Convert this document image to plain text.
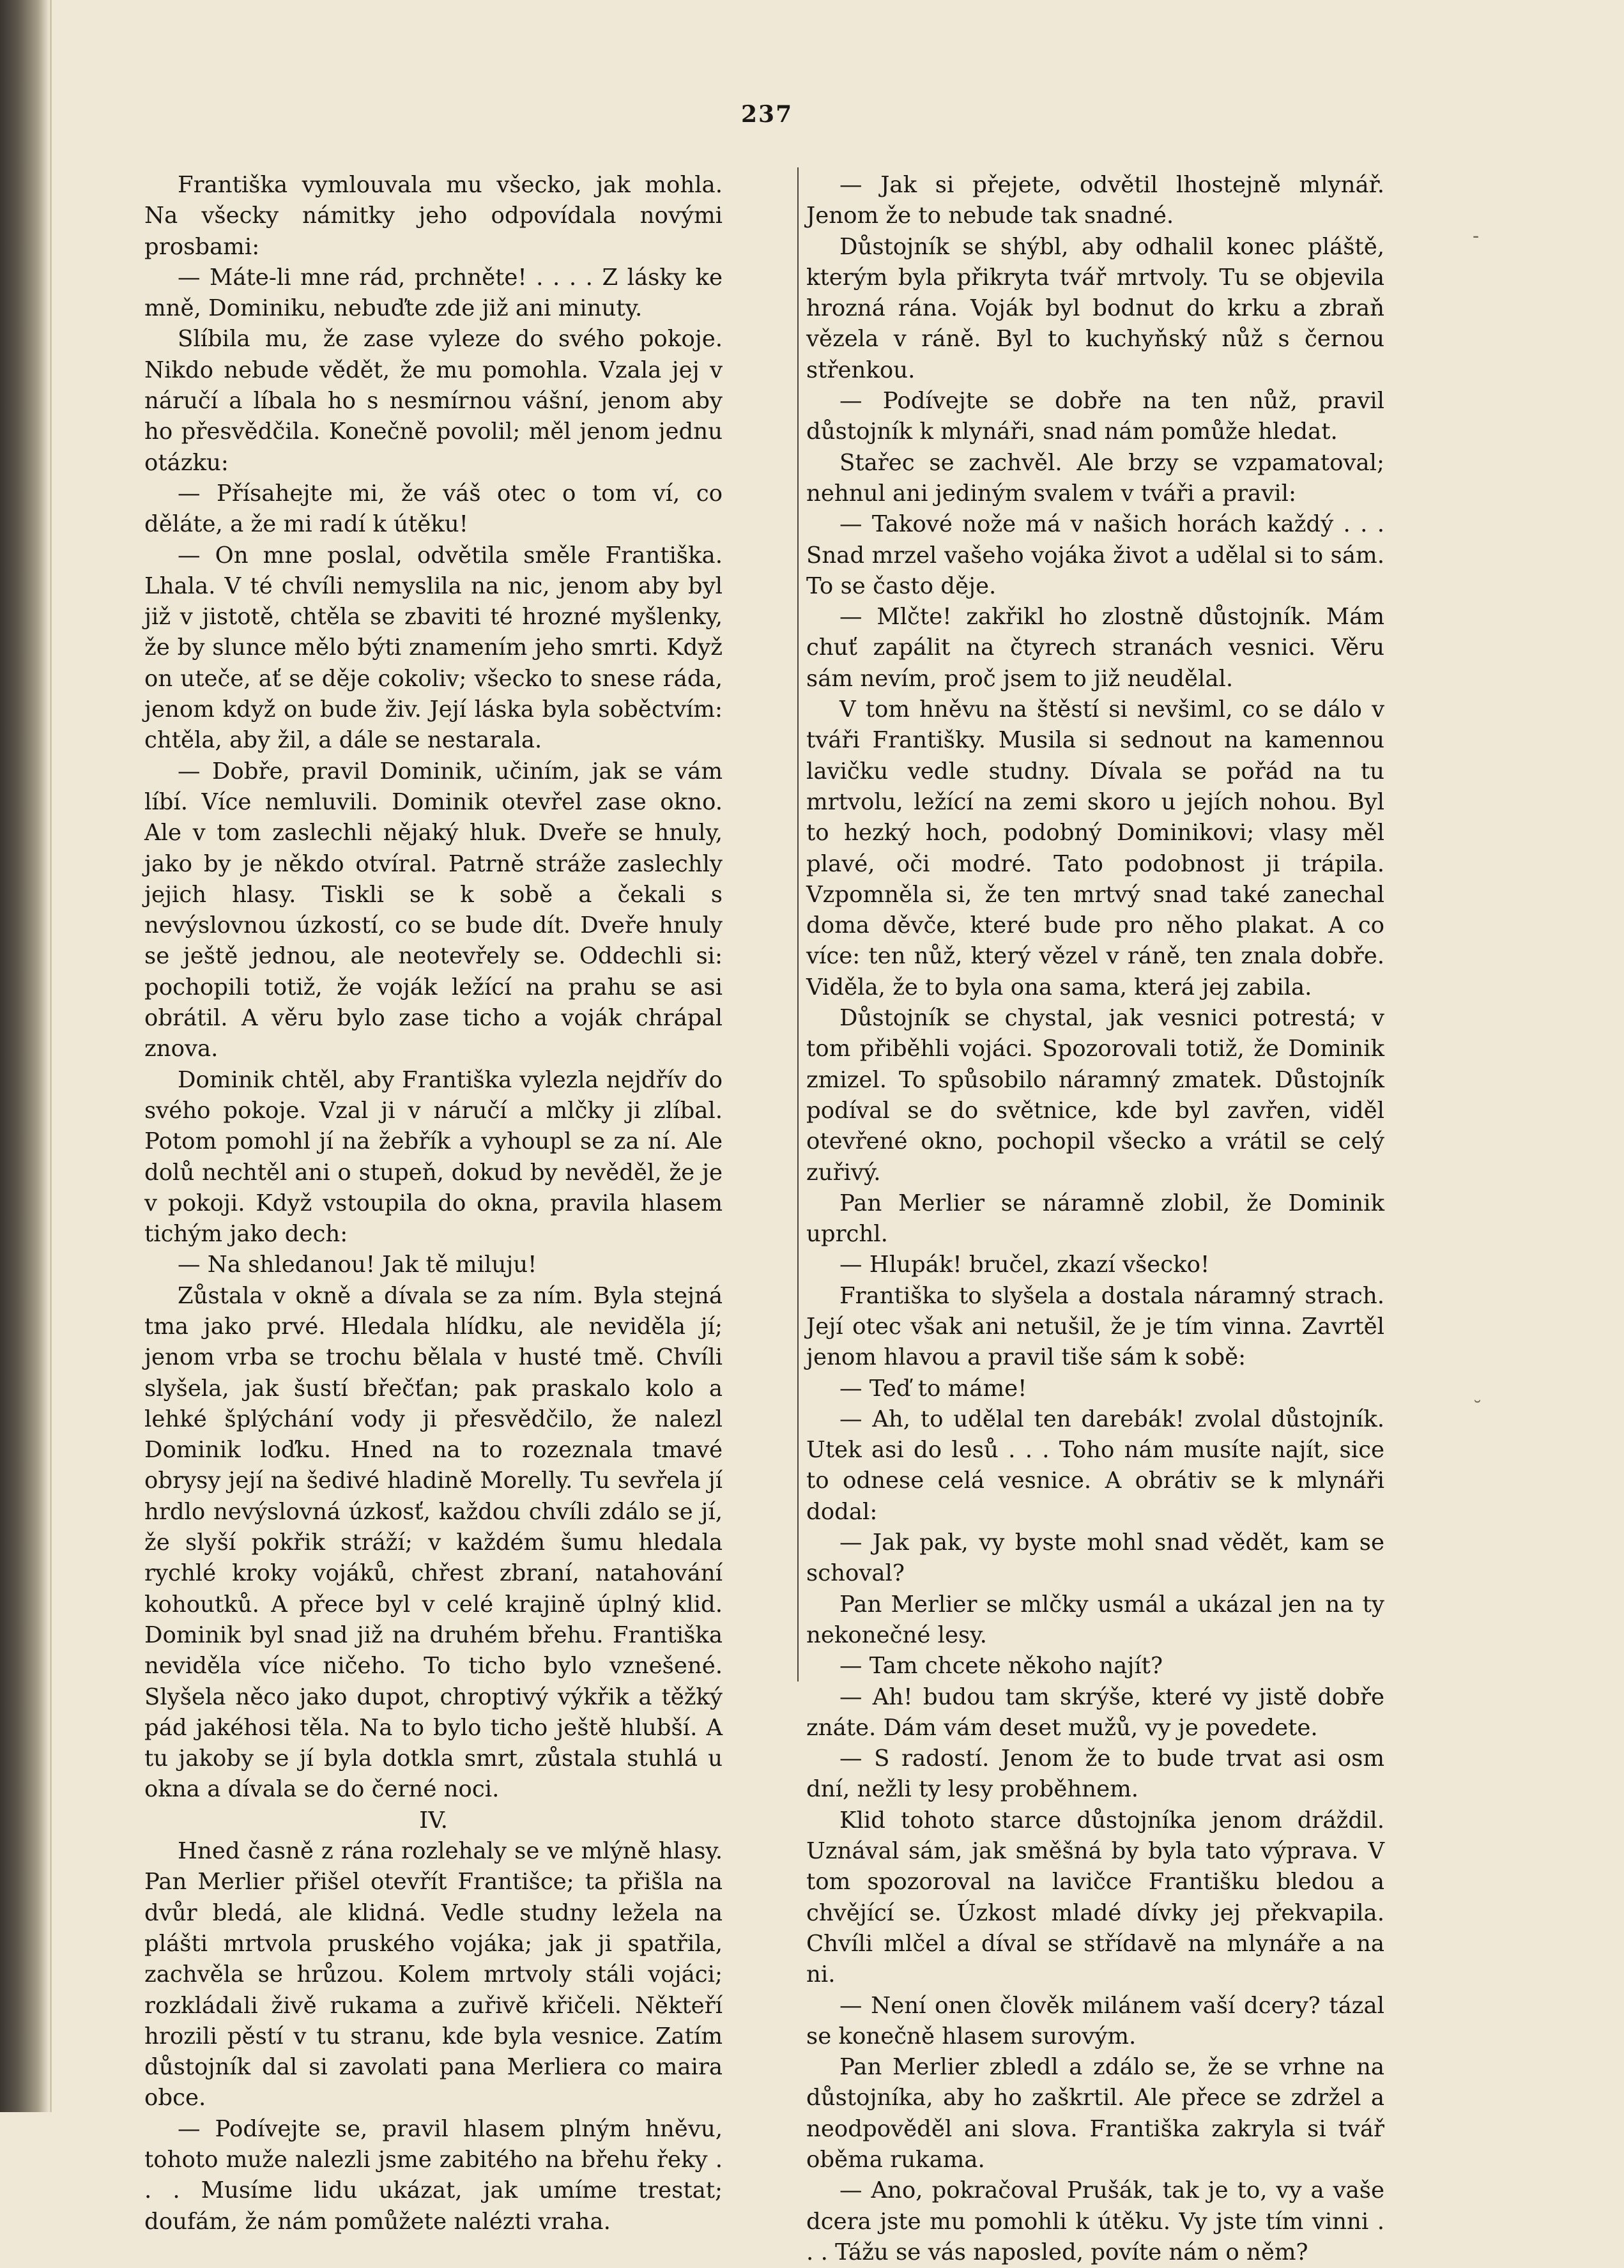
237

Františka vymlouvala mu všecko, jak mohla. Na všecky námitky jeho odpovídala novými prosbami:

— Máte-li mne rád, prchněte! . . . . Z lásky ke mně, Dominiku, nebuďte zde již ani minuty.

Slíbila mu, že zase vyleze do svého pokoje. Nikdo nebude vědět, že mu pomohla. Vzala jej v náručí a líbala ho s nesmírnou vášní, jenom aby ho přesvědčila. Konečně povolil; měl jenom jednu otázku:

— Přísahejte mi, že váš otec o tom ví, co děláte, a že mi radí k útěku!

— On mne poslal, odvětila směle Františka. Lhala. V té chvíli nemyslila na nic, jenom aby byl již v jistotě, chtěla se zbaviti té hrozné myšlenky, že by slunce mělo býti znamením jeho smrti. Když on uteče, ať se děje cokoliv; všecko to snese ráda, jenom když on bude živ. Její láska byla soběctvím: chtěla, aby žil, a dále se nestarala.

— Dobře, pravil Dominik, učiním, jak se vám líbí. Více nemluvili. Dominik otevřel zase okno. Ale v tom zaslechli nějaký hluk. Dveře se hnuly, jako by je někdo otvíral. Patrně stráže zaslechly jejich hlasy. Tiskli se k sobě a čekali s nevýslovnou úzkostí, co se bude dít. Dveře hnuly se ještě jednou, ale neotevřely se. Oddechli si: pochopili totiž, že voják ležící na prahu se asi obrátil. A věru bylo zase ticho a voják chrápal znova.

Dominik chtěl, aby Františka vylezla nejdřív do svého pokoje. Vzal ji v náručí a mlčky ji zlíbal. Potom pomohl jí na žebřík a vyhoupl se za ní. Ale dolů nechtěl ani o stupeň, dokud by nevěděl, že je v pokoji. Když vstoupila do okna, pravila hlasem tichým jako dech:

— Na shledanou! Jak tě miluju!

Zůstala v okně a dívala se za ním. Byla stejná tma jako prvé. Hledala hlídku, ale neviděla jí; jenom vrba se trochu bělala v husté tmě. Chvíli slyšela, jak šustí břečťan; pak praskalo kolo a lehké šplýchání vody ji přesvědčilo, že nalezl Dominik loďku. Hned na to rozeznala tmavé obrysy její na šedivé hladině Morelly. Tu sevřela jí hrdlo nevýslovná úzkosť, každou chvíli zdálo se jí, že slyší pokřik stráží; v každém šumu hledala rychlé kroky vojáků, chřest zbraní, natahování kohoutků. A přece byl v celé krajině úplný klid. Dominik byl snad již na druhém břehu. Františka neviděla více ničeho. To ticho bylo vznešené. Slyšela něco jako dupot, chroptivý výkřik a těžký pád jakéhosi těla. Na to bylo ticho ještě hlubší. A tu jakoby se jí byla dotkla smrt, zůstala stuhlá u okna a dívala se do černé noci.

IV.

Hned časně z rána rozlehaly se ve mlýně hlasy. Pan Merlier přišel otevřít Františce; ta přišla na dvůr bledá, ale klidná. Vedle studny ležela na plášti mrtvola pruského vojáka; jak ji spatřila, zachvěla se hrůzou. Kolem mrtvoly stáli vojáci; rozkládali živě rukama a zuřivě křičeli. Někteří hrozili pěstí v tu stranu, kde byla vesnice. Zatím důstojník dal si zavolati pana Merliera co maira obce.

— Podívejte se, pravil hlasem plným hněvu, tohoto muže nalezli jsme zabitého na břehu řeky . . . Musíme lidu ukázat, jak umíme trestat; doufám, že nám pomůžete nalézti vraha.

— Jak si přejete, odvětil lhostejně mlynář. Jenom že to nebude tak snadné.

Důstojník se shýbl, aby odhalil konec pláště, kterým byla přikryta tvář mrtvoly. Tu se objevila hrozná rána. Voják byl bodnut do krku a zbraň vězela v ráně. Byl to kuchyňský nůž s černou střenkou.

— Podívejte se dobře na ten nůž, pravil důstojník k mlynáři, snad nám pomůže hledat.

Stařec se zachvěl. Ale brzy se vzpamatoval; nehnul ani jediným svalem v tváři a pravil:

— Takové nože má v našich horách každý . . . Snad mrzel vašeho vojáka život a udělal si to sám. To se často děje.

— Mlčte! zakřikl ho zlostně důstojník. Mám chuť zapálit na čtyrech stranách vesnici. Věru sám nevím, proč jsem to již neudělal.

V tom hněvu na štěstí si nevšiml, co se dálo v tváři Františky. Musila si sednout na kamennou lavičku vedle studny. Dívala se pořád na tu mrtvolu, ležící na zemi skoro u jejích nohou. Byl to hezký hoch, podobný Dominikovi; vlasy měl plavé, oči modré. Tato podobnost ji trápila. Vzpomněla si, že ten mrtvý snad také zanechal doma děvče, které bude pro něho plakat. A co více: ten nůž, který vězel v ráně, ten znala dobře. Viděla, že to byla ona sama, která jej zabila.

Důstojník se chystal, jak vesnici potrestá; v tom přiběhli vojáci. Spozorovali totiž, že Dominik zmizel. To spůsobilo náramný zmatek. Důstojník podíval se do světnice, kde byl zavřen, viděl otevřené okno, pochopil všecko a vrátil se celý zuřivý.

Pan Merlier se náramně zlobil, že Dominik uprchl.

— Hlupák! bručel, zkazí všecko!

Františka to slyšela a dostala náramný strach. Její otec však ani netušil, že je tím vinna. Zavrtěl jenom hlavou a pravil tiše sám k sobě:

— Teď to máme!

— Ah, to udělal ten darebák! zvolal důstojník. Utek asi do lesů . . . Toho nám musíte najít, sice to odnese celá vesnice. A obrátiv se k mlynáři dodal:

— Jak pak, vy byste mohl snad vědět, kam se schoval?

Pan Merlier se mlčky usmál a ukázal jen na ty nekonečné lesy.

— Tam chcete někoho najít?

— Ah! budou tam skrýše, které vy jistě dobře znáte. Dám vám deset mužů, vy je povedete.

— S radostí. Jenom že to bude trvat asi osm dní, nežli ty lesy proběhnem.

Klid tohoto starce důstojníka jenom dráždil. Uznával sám, jak směšná by byla tato výprava. V tom spozoroval na lavičce Františku bledou a chvějící se. Úzkost mladé dívky jej překvapila. Chvíli mlčel a díval se střídavě na mlynáře a na ni.

— Není onen člověk milánem vaší dcery? tázal se konečně hlasem surovým.

Pan Merlier zbledl a zdálo se, že se vrhne na důstojníka, aby ho zaškrtil. Ale přece se zdržel a neodpověděl ani slova. Františka zakryla si tvář oběma rukama.

— Ano, pokračoval Prušák, tak je to, vy a vaše dcera jste mu pomohli k útěku. Vy jste tím vinni . . . Tážu se vás naposled, povíte nám o něm?

-
˘
